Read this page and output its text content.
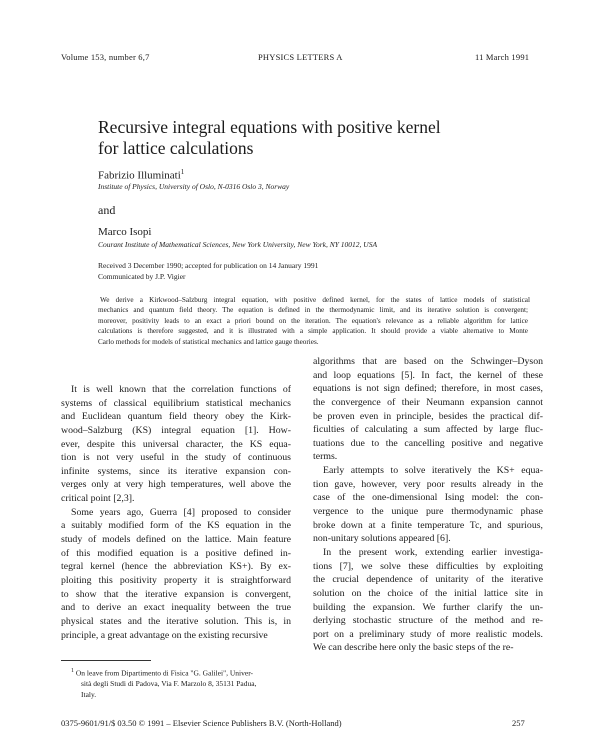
Volume 153, number 6,7	PHYSICS LETTERS A	11 March 1991
Recursive integral equations with positive kernel
for lattice calculations
Fabrizio Illuminati$^1$
Institute of Physics, University of Oslo, N-0316 Oslo 3, Norway
and
Marco Isopi
Courant Institute of Mathematical Sciences, New York University, New York, NY 10012, USA
Received 3 December 1990; accepted for publication on 14 January 1991
Communicated by J.P. Vigier
We derive a Kirkwood–Salzburg integral equation, with positive defined kernel, for the states of lattice models of statistical
mechanics and quantum field theory. The equation is defined in the thermodynamic limit, and its iterative solution is convergent;
moreover, positivity leads to an exact a priori bound on the iteration. The equation's relevance as a reliable algorithm for lattice
calculations is therefore suggested, and it is illustrated with a simple application. It should provide a viable alternative to Monte
Carlo methods for models of statistical mechanics and lattice gauge theories.
It is well known that the correlation functions of
systems of classical equilibrium statistical mechanics
and Euclidean quantum field theory obey the Kirk-
wood–Salzburg (KS) integral equation [1]. How-
ever, despite this universal character, the KS equa-
tion is not very useful in the study of continuous
infinite systems, since its iterative expansion con-
verges only at very high temperatures, well above the
critical point [2,3].
Some years ago, Guerra [4] proposed to consider
a suitably modified form of the KS equation in the
study of models defined on the lattice. Main feature
of this modified equation is a positive defined in-
tegral kernel (hence the abbreviation KS+). By ex-
ploiting this positivity property it is straightforward
to show that the iterative expansion is convergent,
and to derive an exact inequality between the true
physical states and the iterative solution. This is, in
principle, a great advantage on the existing recursive
$^1$ On leave from Dipartimento di Fisica "G. Galilei", Univer-
sità degli Studi di Padova, Via F. Marzolo 8, 35131 Padua,
Italy.
algorithms that are based on the Schwinger–Dyson
and loop equations [5]. In fact, the kernel of these
equations is not sign defined; therefore, in most cases,
the convergence of their Neumann expansion cannot
be proven even in principle, besides the practical dif-
ficulties of calculating a sum affected by large fluc-
tuations due to the cancelling positive and negative
terms.
Early attempts to solve iteratively the KS+ equa-
tion gave, however, very poor results already in the
case of the one-dimensional Ising model: the con-
vergence to the unique pure thermodynamic phase
broke down at a finite temperature Tc, and spurious,
non-unitary solutions appeared [6].
In the present work, extending earlier investiga-
tions [7], we solve these difficulties by exploiting
the crucial dependence of unitarity of the iterative
solution on the choice of the initial lattice site in
building the expansion. We further clarify the un-
derlying stochastic structure of the method and re-
port on a preliminary study of more realistic models.
We can describe here only the basic steps of the re-
0375-9601/91/$ 03.50 © 1991 – Elsevier Science Publishers B.V. (North-Holland)	257
